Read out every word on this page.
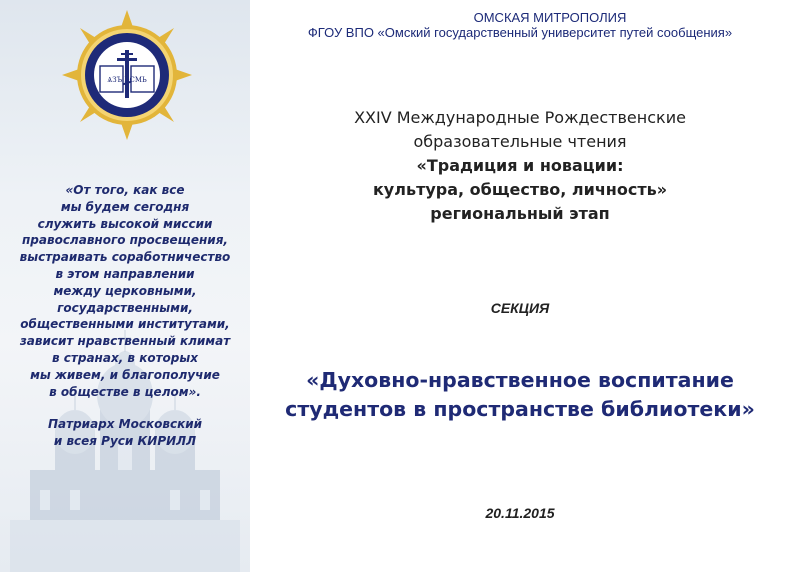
ѦЗЪ ЕСМЬ
«От того, как все
мы будем сегодня
служить высокой миссии
православного просвещения,
выстраивать соработничество
в этом направлении
между церковными,
государственными,
общественными институтами,
зависит нравственный климат
в странах, в которых
мы живем, и благополучие
в обществе в целом».
Патриарх Московский
и всея Руси КИРИЛЛ
ОМСКАЯ МИТРОПОЛИЯ
ФГОУ ВПО «Омский государственный университет путей сообщения»
XXIV Международные Рождественские
образовательные чтения
«Традиция и новации:
культура, общество, личность»
региональный этап
СЕКЦИЯ
«Духовно-нравственное воспитание
студентов в пространстве библиотеки»
20.11.2015
